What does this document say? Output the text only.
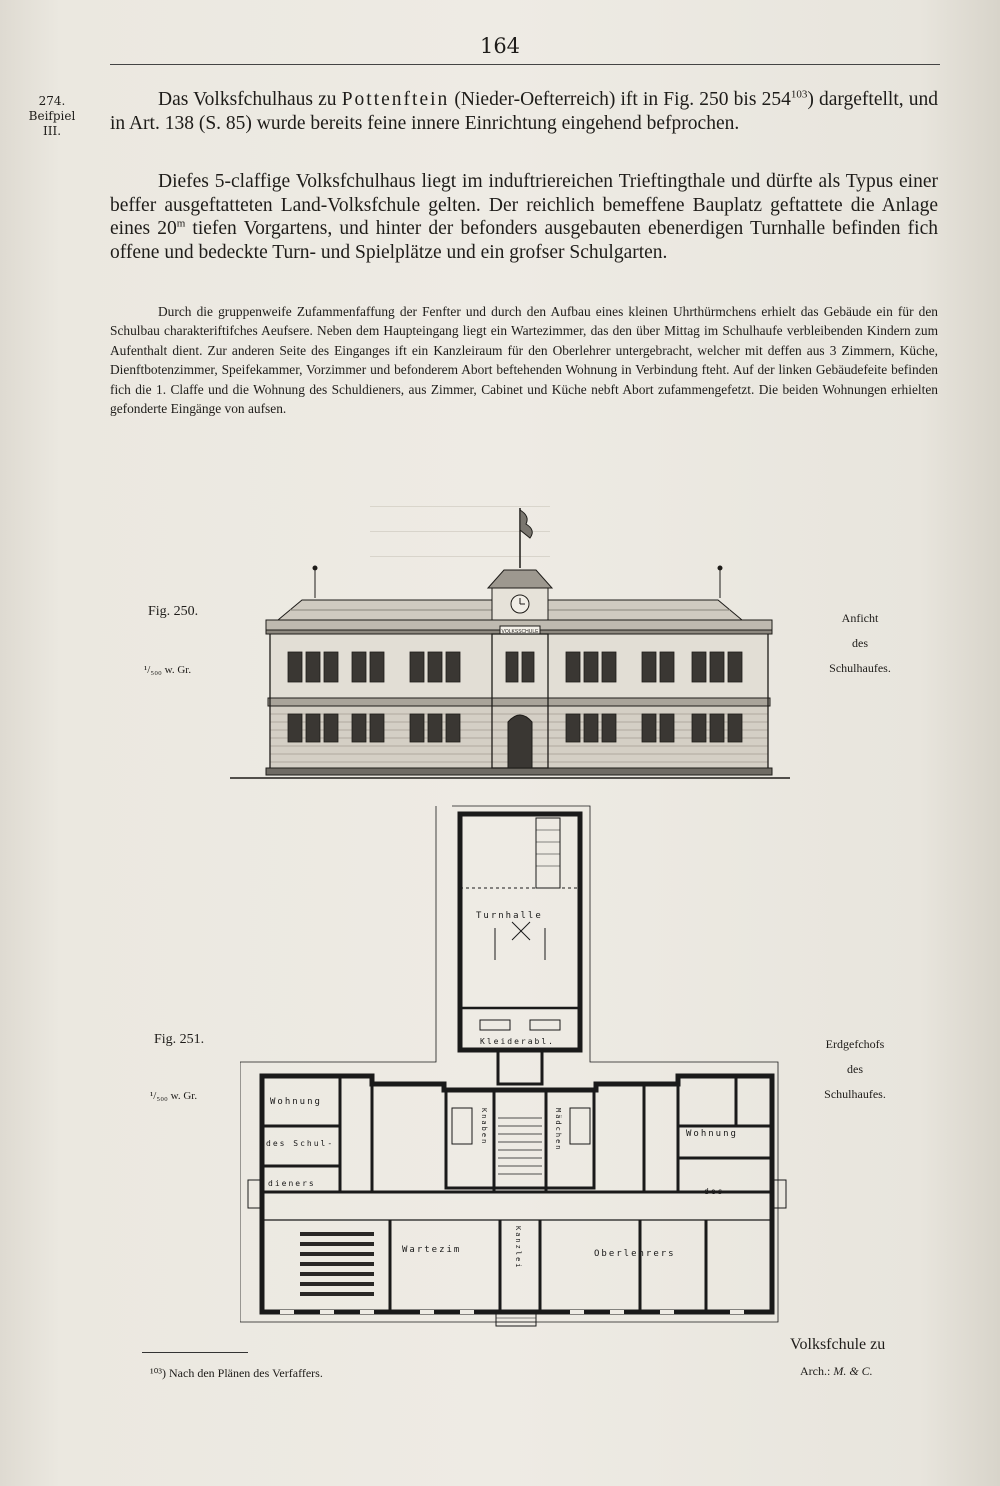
164
274.
Beifpiel
III.

Das Volksfchulhaus zu Pottenftein (Nieder-Oefterreich) ift in Fig. 250 bis $254^{103}$) dargeftellt, und in Art. 138 (S. 85) wurde bereits feine innere Einrichtung eingehend befprochen.

Diefes 5-claffige Volksfchulhaus liegt im induftriereichen Trieftingthale und dürfte als Typus einer beffer ausgeftatteten Land-Volksfchule gelten. Der reichlich bemeffene Bauplatz geftattete die Anlage eines 20$^m$ tiefen Vorgartens, und hinter der befonders ausgebauten ebenerdigen Turnhalle befinden fich offene und bedeckte Turn- und Spielplätze und ein grofser Schulgarten.

Durch die gruppenweife Zufammenfaffung der Fenfter und durch den Aufbau eines kleinen Uhrthürmchens erhielt das Gebäude ein für den Schulbau charakteriftifches Aeufsere. Neben dem Haupteingang liegt ein Wartezimmer, das den über Mittag im Schulhaufe verbleibenden Kindern zum Aufenthalt dient. Zur anderen Seite des Einganges ift ein Kanzleiraum für den Oberlehrer untergebracht, welcher mit deffen aus 3 Zimmern, Küche, Dienftbotenzimmer, Speifekammer, Vorzimmer und befonderem Abort beftehenden Wohnung in Verbindung fteht. Auf der linken Gebäudefeite befinden fich die 1. Claffe und die Wohnung des Schuldieners, aus Zimmer, Cabinet und Küche nebft Abort zufammengefetzt. Die beiden Wohnungen erhielten gefonderte Eingänge von aufsen.

Fig. 250.
¹/₅₀₀ w. Gr.
Anficht
des
Schulhaufes.
VOLKSSCHULE
Fig. 251.
¹/₅₀₀ w. Gr.
Erdgefchofs
des
Schulhaufes.
Turnhalle
Kleiderabl.
Wohnung
des Schul-
dieners
Wohnung
des
Wartezim	Oberlehrers
Knaben	Mädchen
Kanzlei
Volksfchule zu
Arch.: M. & C.
¹⁰³) Nach den Plänen des Verfaffers.
